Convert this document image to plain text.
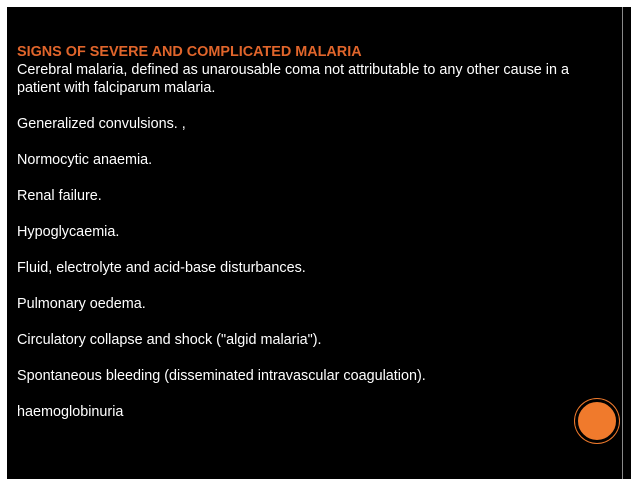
SIGNS OF SEVERE AND COMPLICATED MALARIA

Cerebral malaria, defined as unarousable coma not attributable to any other cause in a patient with falciparum malaria.

Generalized convulsions. ,

Normocytic anaemia.

Renal failure.

Hypoglycaemia.

Fluid, electrolyte and acid-base disturbances.

Pulmonary oedema.

Circulatory collapse and shock ("algid malaria").

Spontaneous bleeding (disseminated intravascular coagulation).

haemoglobinuria
